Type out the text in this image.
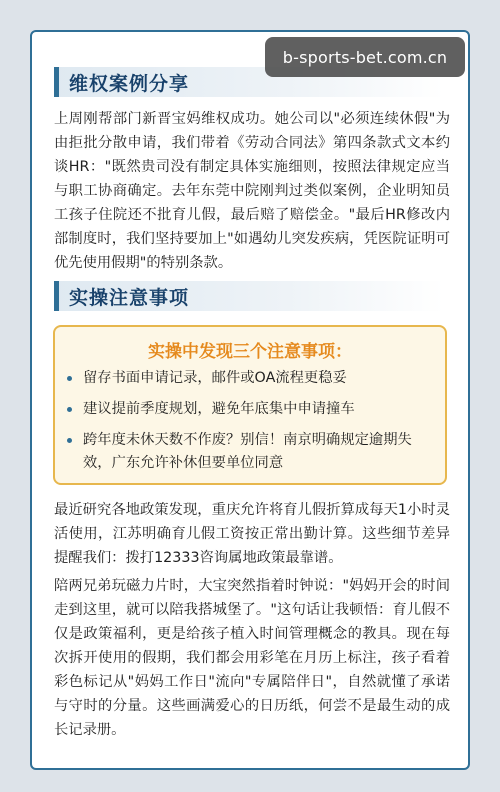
b-sports-bet.com.cn
维权案例分享

上周刚帮部门新晋宝妈维权成功。她公司以"必须连续休假"为由拒批分散申请，我们带着《劳动合同法》第四条款式文本约谈HR："既然贵司没有制定具体实施细则，按照法律规定应当与职工协商确定。去年东莞中院刚判过类似案例，企业明知员工孩子住院还不批育儿假，最后赔了赔偿金。"最后HR修改内部制度时，我们坚持要加上"如遇幼儿突发疾病，凭医院证明可优先使用假期"的特别条款。

实操注意事项
实操中发现三个注意事项：
留存书面申请记录，邮件或OA流程更稳妥
建议提前季度规划，避免年底集中申请撞车
跨年度未休天数不作废？别信！南京明确规定逾期失效，广东允许补休但要单位同意

最近研究各地政策发现，重庆允许将育儿假折算成每天1小时灵活使用，江苏明确育儿假工资按正常出勤计算。这些细节差异提醒我们：拨打12333咨询属地政策最靠谱。

陪两兄弟玩磁力片时，大宝突然指着时钟说："妈妈开会的时间走到这里，就可以陪我搭城堡了。"这句话让我顿悟：育儿假不仅是政策福利，更是给孩子植入时间管理概念的教具。现在每次拆开使用的假期，我们都会用彩笔在月历上标注，孩子看着彩色标记从"妈妈工作日"流向"专属陪伴日"，自然就懂了承诺与守时的分量。这些画满爱心的日历纸，何尝不是最生动的成长记录册。
